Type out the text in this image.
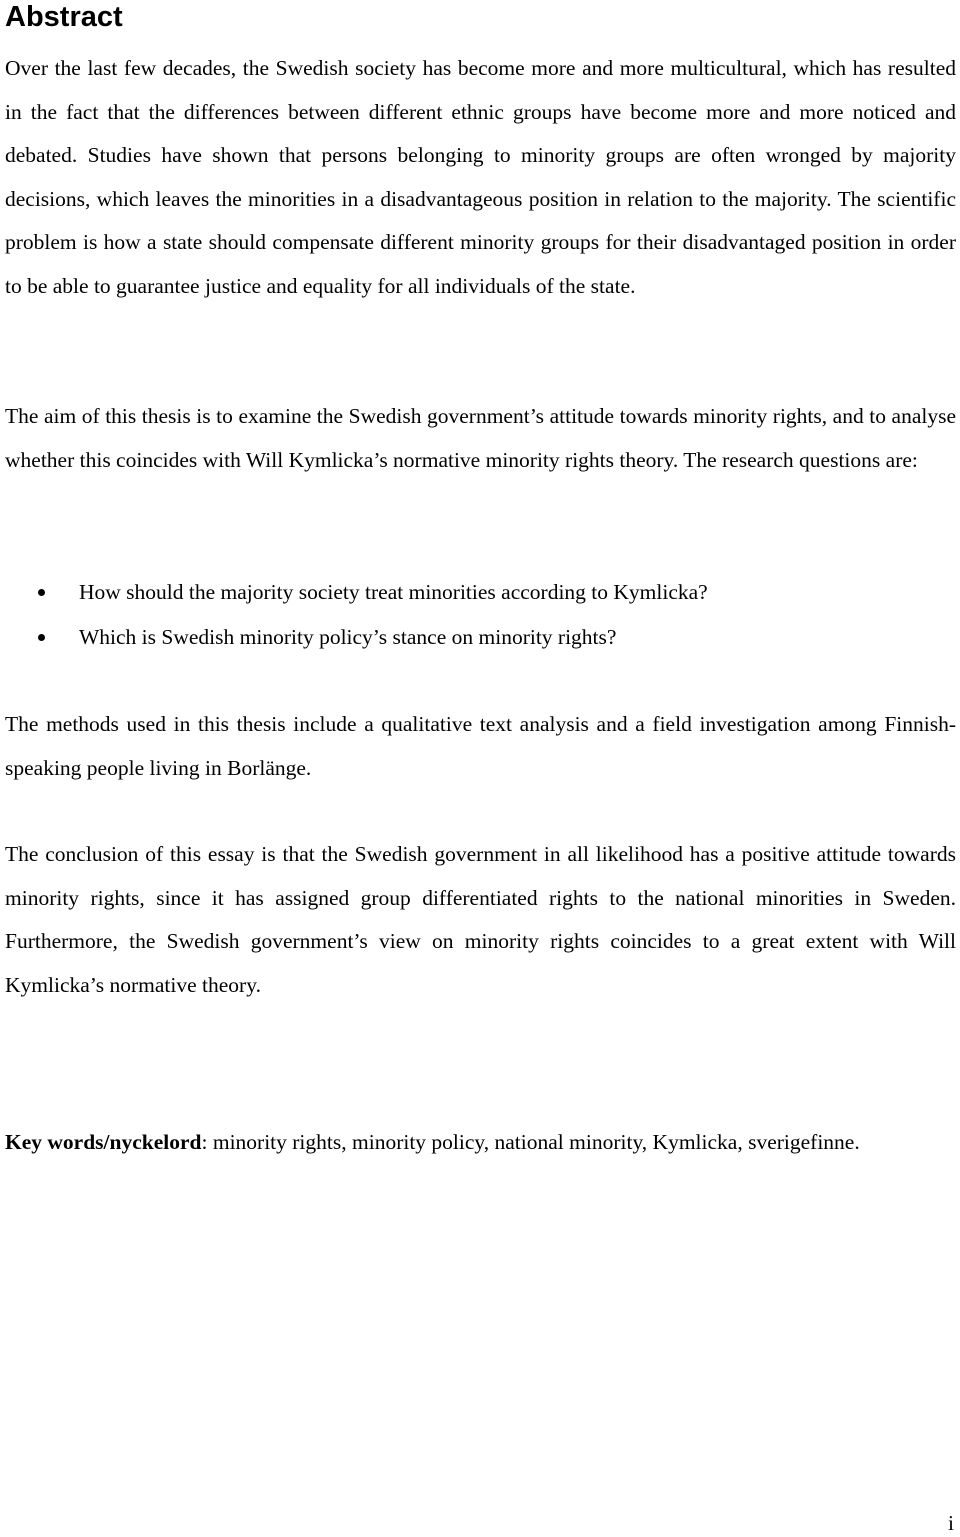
Abstract

Over the last few decades, the Swedish society has become more and more multicultural, which has resulted in the fact that the differences between different ethnic groups have become more and more noticed and debated. Studies have shown that persons belonging to minority groups are often wronged by majority decisions, which leaves the minorities in a disadvantageous position in relation to the majority. The scientific problem is how a state should compensate different minority groups for their disadvantaged position in order to be able to guarantee justice and equality for all individuals of the state.

The aim of this thesis is to examine the Swedish government’s attitude towards minority rights, and to analyse whether this coincides with Will Kymlicka’s normative minority rights theory. The research questions are:

How should the majority society treat minorities according to Kymlicka?
Which is Swedish minority policy’s stance on minority rights?

The methods used in this thesis include a qualitative text analysis and a field investigation among Finnish-speaking people living in Borlänge.

The conclusion of this essay is that the Swedish government in all likelihood has a positive attitude towards minority rights, since it has assigned group differentiated rights to the national minorities in Sweden. Furthermore, the Swedish government’s view on minority rights coincides to a great extent with Will Kymlicka’s normative theory.

Key words/nyckelord: minority rights, minority policy, national minority, Kymlicka, sverigefinne.

i
